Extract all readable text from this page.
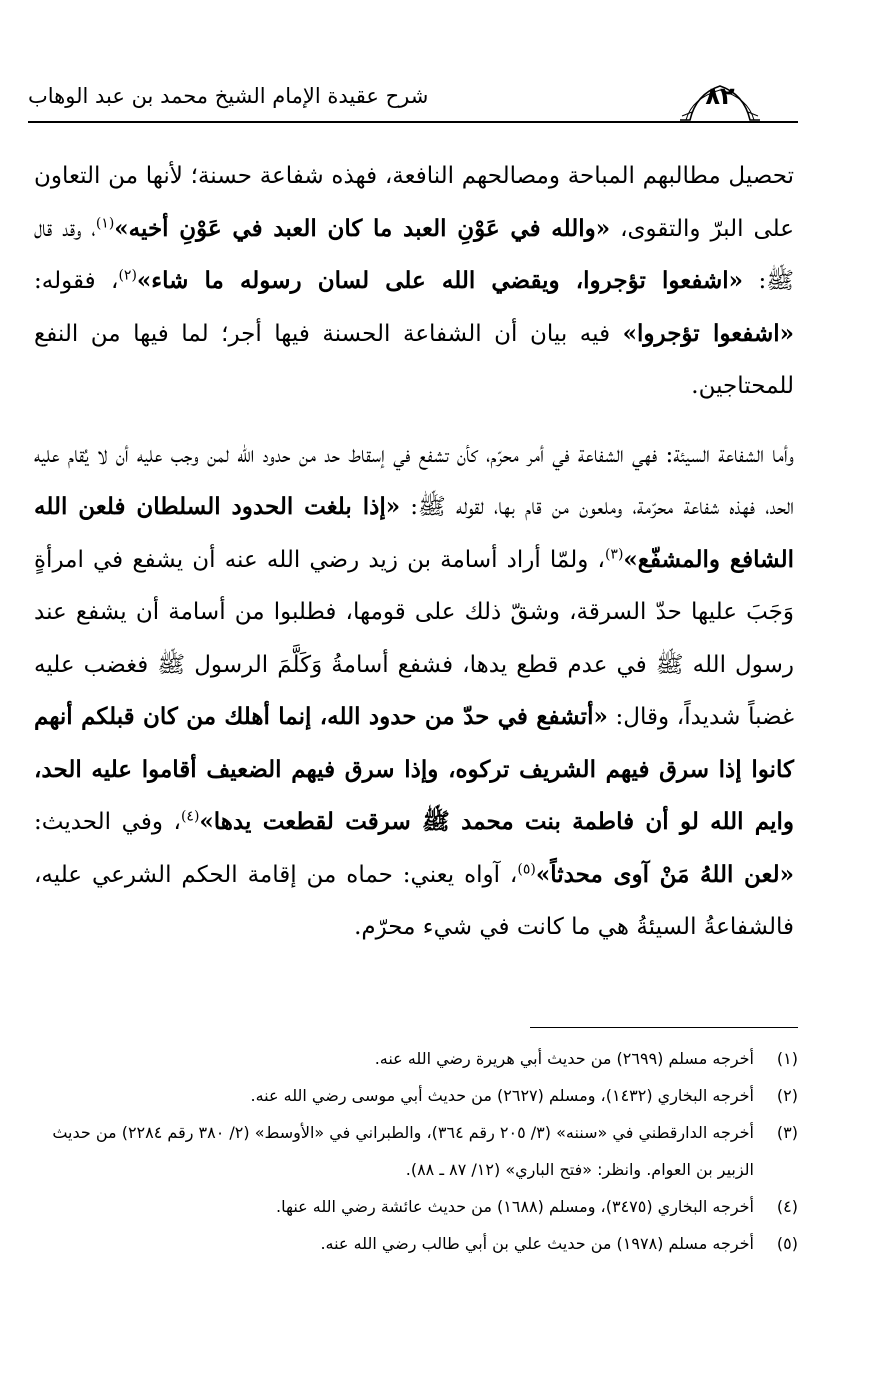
شرح عقيدة الإمام الشيخ محمد بن عبد الوهاب	٨٢

تحصيل مطالبهم المباحة ومصالحهم النافعة، فهذه شفاعة حسنة؛ لأنها من التعاون على البرّ والتقوى، «والله في عَوْنِ العبد ما كان العبد في عَوْنِ أخيه»$^{(١)}$، وقد قال ﷺ: «اشفعوا تؤجروا، ويقضي الله على لسان رسوله ما شاء»$^{(٢)}$، فقوله: «اشفعوا تؤجروا» فيه بيان أن الشفاعة الحسنة فيها أجر؛ لما فيها من النفع للمحتاجين.

وأما الشفاعة السيئة: فهي الشفاعة في أمر محرّم، كأن تشفع في إسقاط حد من حدود الله لمن وجب عليه أن لا يُقام عليه الحد، فهذه شفاعة محرّمة، وملعون من قام بها، لقوله ﷺ: «إذا بلغت الحدود السلطان فلعن الله الشافع والمشفّع»$^{(٣)}$، ولمّا أراد أسامة بن زيد رضي الله عنه أن يشفع في امرأةٍ وَجَبَ عليها حدّ السرقة، وشقّ ذلك على قومها، فطلبوا من أسامة أن يشفع عند رسول الله ﷺ في عدم قطع يدها، فشفع أسامةُ وَكَلَّمَ الرسول ﷺ فغضب عليه غضباً شديداً، وقال: «أتشفع في حدّ من حدود الله، إنما أهلك من كان قبلكم أنهم كانوا إذا سرق فيهم الشريف تركوه، وإذا سرق فيهم الضعيف أقاموا عليه الحد، وايم الله لو أن فاطمة بنت محمد ﷺ سرقت لقطعت يدها»$^{(٤)}$، وفي الحديث: «لعن اللهُ مَنْ آوى محدثاً»$^{(٥)}$، آواه يعني: حماه من إقامة الحكم الشرعي عليه، فالشفاعةُ السيئةُ هي ما كانت في شيء محرّم.

(١)
أخرجه مسلم (٢٦٩٩) من حديث أبي هريرة رضي الله عنه.
(٢)
أخرجه البخاري (١٤٣٢)، ومسلم (٢٦٢٧) من حديث أبي موسى رضي الله عنه.
(٣)
أخرجه الدارقطني في «سننه» (٣/ ٢٠٥ رقم ٣٦٤)، والطبراني في «الأوسط» (٢/ ٣٨٠ رقم ٢٢٨٤) من حديث الزبير بن العوام. وانظر: «فتح الباري» (١٢/ ٨٧ ـ ٨٨).
(٤)
أخرجه البخاري (٣٤٧٥)، ومسلم (١٦٨٨) من حديث عائشة رضي الله عنها.
(٥)
أخرجه مسلم (١٩٧٨) من حديث علي بن أبي طالب رضي الله عنه.
